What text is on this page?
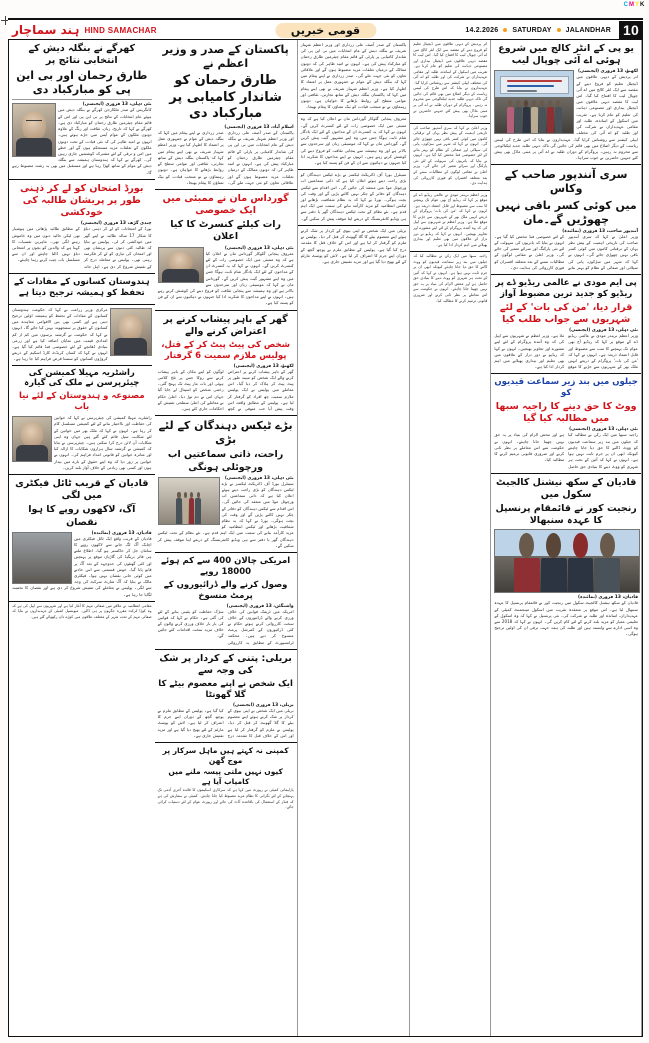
C M Y K
ہند سماچار HIND SAMACHAR	قومی خبریں	14.2.2026 SATURDAY JALANDHAR 10
کھرگے نے بنگلہ دیش کے انتخابی نتائج پر
طارق رحمان اور بی این پی کو مبارکباد دی
نئی دہلی، 13 فروری (ایجنسی)
کانگریس کے صدر ملکارجن کھرگے نے بنگلہ دیش میں ہوئے عام انتخابات کے نتائج پر بی این پی اور اس کے قائم مقام چیئرمین طارق رحمان کو مبارکباد دی ہے۔ کھرگے نے کہا کہ تاریخ، زبان، ثقافت اور رنگ کے علاوہ دونوں ملکوں کے عوام آپس میں جڑے ہوئے ہیں۔ انہوں نے امید ظاہر کی کہ نئی قیادت کے تحت دونوں ملکوں کے تعلقات مزید مستحکم ہوں گے اور خطے میں امن و ترقی کے لئے مشترکہ کوششیں جاری رہیں گی۔ کھرگے نے کہا کہ ہندوستان ہمیشہ سے بنگلہ دیش کے عوام کے ساتھ کھڑا رہا ہے اور مستقبل میں بھی یہ رشتہ مضبوط رہے گا۔
بورڈ امتحان کو لے کر ذہنی طور پر پریشان طالبہ کی خودکشی
چندی گڑھ، 13 فروری (ایجنسی)
بورڈ کے امتحانات کو لے کر ذہنی دباؤ کا شکار 17 سالہ طالبہ نے اپنے گھر میں خودکشی کر لی۔ پولیس نے بتایا کہ طالبہ کئی دنوں سے پریشان تھی اور امتحان کی تیاری کو لے کر فکرمند رہتی تھی۔ پولیس نے معاملہ درج کر کے تفتیش شروع کر دی ہے۔ اہل خانہ کے مطابق طالبہ پڑھائی میں ہوشیار تھی لیکن حالیہ دنوں میں وہ خاموش رہنے لگی تھی۔ ماہرین نفسیات کا کہنا ہے کہ والدین کو بچوں پر امتحانی دباؤ نہیں ڈالنا چاہئے اور ان سے مسلسل بات چیت کرتے رہنا چاہئے۔
ہندوستان کسانوں کے مفادات کے تحفظ کو ہمیشہ ترجیح دیتا ہے
مرکزی وزیر زراعت نے کہا کہ حکومت ہندوستان کسانوں کے مفادات کے تحفظ کو ہمیشہ اولین ترجیح دیتی ہے اور کسی بھی بین الاقوامی معاہدے میں کسانوں کے حقوق پر سمجھوتہ نہیں کیا جائے گا۔ انہوں نے کہا کہ حکومت نے گزشتہ برسوں میں کم از کم امدادی قیمت میں نمایاں اضافہ کیا ہے اور زرعی بنیادی ڈھانچے کے لئے خصوصی فنڈ قائم کیا گیا ہے۔ انہوں نے کہا کہ کسان کریڈٹ کارڈ اسکیم کے ذریعے کروڑوں کسانوں کو سستا قرض فراہم کیا جا رہا ہے۔
راشٹریہ مہیلا کمیشن کی چیئرپرسن نے ملک کی گیارہ
مصنوعہ و ہندوستان کے لئے نیا باب
راشٹریہ مہیلا کمیشن کی چیئرپرسن نے کہا کہ خواتین کی حفاظت اور بااختیار بنانے کے لئے کمیشن مسلسل کام کر رہا ہے۔ انہوں نے کہا کہ ملک بھر میں خواتین کے لئے شکایت سیل قائم کئے گئے ہیں جہاں وہ اپنی شکایات آن لائن درج کرا سکتی ہیں۔ چیئرپرسن نے بتایا کہ کمیشن نے گزشتہ سال ہزاروں شکایات کا ازالہ کیا اور متاثرہ خواتین کو قانونی امداد فراہم کی۔ انہوں نے خواتین پر زور دیا کہ وہ اپنے حقوق کے بارے میں بیدار ہوں اور کسی بھی زیادتی کے خلاف آواز بلند کریں۔
قادیان کے قریب ٹائل فیکٹری میں لگی
آگ، لاکھوں روپے کا ہوا نقصان
قادیان، 13 فروری (نمائندہ)
قادیان کے قریب واقع ایک ٹائل فیکٹری میں اچانک آگ لگ جانے سے لاکھوں روپے کا سامان جل کر خاکستر ہو گیا۔ اطلاع ملتے ہی فائر بریگیڈ کی گاڑیاں موقع پر پہنچیں اور کئی گھنٹوں کی جدوجہد کے بعد آگ پر قابو پایا گیا۔ خوش قسمتی سے اس حادثے میں کوئی جانی نقصان نہیں ہوا۔ فیکٹری مالک نے بتایا کہ آگ شارٹ سرکٹ کی وجہ سے لگی۔ پولیس نے معاملے کی تفتیش شروع کر دی ہے اور نقصان کا تخمینہ لگایا جا رہا ہے۔
مقامی انتظامیہ نے علاقے میں صفائی مہم کا آغاز کیا ہے اور شہریوں سے اپیل کی ہے کہ وہ کوڑا کرکٹ مقررہ جگہوں پر ہی ڈالیں۔ میونسپل کمیٹی کے عہدیداروں نے بتایا کہ صفائی مہم کے تحت شہر کے مختلف علاقوں میں کوڑے دان رکھوائے گئے ہیں۔
پاکستان کے صدر و وزیر اعظم نے
طارق رحمان کو شاندار کامیابی پر مبارکباد دی
اسلام آباد، 13 فروری (ایجنسی)
پاکستان کے صدر آصف علی زرداری اور وزیر اعظم شہباز شریف نے بنگلہ دیش کے عام انتخابات میں بی این پی کی شاندار کامیابی پر پارٹی کے قائم مقام چیئرمین طارق رحمان کو مبارکباد پیش کی ہے۔ انہوں نے امید ظاہر کی کہ دونوں ممالک کے درمیان تعلقات مزید مضبوط ہوں گے اور علاقائی تعاون کو نئی جہت ملے گی۔ صدر زرداری نے اپنے پیغام میں کہا کہ بنگلہ دیش کے عوام نے جمہوری عمل پر اعتماد کا اظہار کیا ہے۔ وزیر اعظم شہباز شریف نے بھی اپنے پیغام میں کہا کہ پاکستان بنگلہ دیش کے ساتھ تجارتی، ثقافتی اور عوامی سطح کے روابط بڑھانے کا خواہاں ہے۔ دونوں رہنماؤں نے نو منتخب قیادت کو نیک تمناؤں کا پیغام بھیجا۔
گورداس مان نے ممبئی میں ایک خصوصی
رات کیلئے کنسرٹ کا کیا اعلان
نئی دہلی، 13 فروری (ایجنسی)
معروف پنجابی گلوکار گورداس مان نے اعلان کیا ہے کہ وہ ممبئی میں ایک خصوصی رات کے لئے کنسرٹ کریں گے۔ انہوں نے کہا کہ یہ کنسرٹ ان کے مداحوں کے لئے ایک یادگار شام ثابت ہوگا جس میں وہ اپنے مشہور گیت پیش کریں گے۔ گورداس مان نے کہا کہ موسیقی زبان اور سرحدوں سے بالاتر ہے اور وہ ہمیشہ سے پنجابی ثقافت کو فروغ دینے کی کوشش کرتے رہے ہیں۔ انہوں نے اپنے مداحوں کا شکریہ ادا کیا جنہوں نے دہائیوں سے ان کے فن کو پسند کیا ہے۔
گھر کے باہر پیشاب کرنے پر اعتراض کرنے والے
شخص کی پیٹ پیٹ کر کے قتل، پولیس ملازم سمیت 6 گرفتار
لکھنؤ، 13 فروری (ایجنسی)
گھر کے باہر پیشاب کرنے پر اعتراض کرنے والے ایک شخص کو مبینہ طور پر پیٹ پیٹ کر ہلاک کر دیا گیا۔ اس معاملے میں پولیس نے ایک پولیس ملازم سمیت چھ افراد کو گرفتار کر لیا ہے۔ پولیس کے مطابق واقعہ اس وقت پیش آیا جب متوفی نے کچھ لوگوں کو اپنے مکان کے باہر پیشاب کرنے سے روکا جس پر تلخ کلامی ہوئی اور بات مار پیٹ تک پہنچ گئی۔ زخمی شخص کو اسپتال لے جایا گیا جہاں اس نے دم توڑ دیا۔ اعلیٰ حکام نے معاملے کی اعلیٰ سطحی تفتیش کے احکامات جاری کئے ہیں۔
بڑے ٹیکس دہندگان کے لئے بڑی
راحت، ذاتی سماعتیں اب ورچوئلی ہونگی
نئی دہلی، 13 فروری (ایجنسی)
سینٹرل بورڈ آف ڈائریکٹ ٹیکسز نے بڑے ٹیکس دہندگان کو بڑی راحت دیتے ہوئے اعلان کیا ہے کہ ذاتی سماعتیں اب ورچوئل موڈ میں منعقد کی جائیں گی۔ اس اقدام سے ٹیکس دہندگان کو دفاتر کے چکر نہیں کاٹنے پڑیں گے اور وقت کی بچت ہوگی۔ بورڈ نے کہا کہ یہ نظام شفافیت بڑھانے اور ٹیکس انتظامیہ کو مزید کارآمد بنانے کی سمت میں ایک اہم قدم ہے۔ نئے نظام کے تحت ٹیکس دہندگان گھر یا دفتر سے ہی ویڈیو کانفرنسنگ کے ذریعے اپنا موقف پیش کر سکیں گے۔
امریکی چالان 400 سے کم ہوئے 18000 روپے
وصول کرنے والے ڈرائیوروں کے پرمٹ منسوخ
واشنگٹن، 13 فروری (ایجنسی)
امریکہ میں ٹریفک قوانین کی خلاف ورزی کرنے والے ڈرائیوروں کے خلاف سخت کارروائی کرتے ہوئے حکام نے کئی ڈرائیوروں کے کمرشل پرمٹ منسوخ کر دیے ہیں۔ محکمہ ٹرانسپورٹ کے مطابق یہ کارروائی سڑک حفاظت کو یقینی بنانے کے لئے کی گئی ہے۔ حکام نے کہا کہ قوانین کی بار بار خلاف ورزی کرنے والوں کے خلاف مزید سخت اقدامات کئے جائیں گے۔
بریلی: پتنی کے کردار پر شک کی وجہ سے
ایک شخص نے اپنے معصوم بیٹے کا گلا گھونٹا
بریلی، 13 فروری (ایجنسی)
بریلی میں ایک شخص نے اپنی بیوی کے کردار پر شک کرتے ہوئے اپنے معصوم بیٹے کا گلا گھونٹ کر قتل کر دیا۔ پولیس نے ملزم کو گرفتار کر لیا ہے اور اس کے خلاف قتل کا مقدمہ درج کیا گیا ہے۔ پولیس کے مطابق ملزم نے پوچھ گچھ کے دوران اپنے جرم کا اعتراف کر لیا ہے۔ لاش کو پوسٹ مارٹم کے لئے بھیج دیا گیا ہے اور مزید تفتیش جاری ہے۔
کمپنی نہ کہتے ہیں ماہل سرکار پر موج گھن
کیوں نہیں ملتی پیسہ ملنے میں کامیاب آیا ہے
پارلیمانی کمیٹی نے رپورٹ میں کہا ہے کہ سرکاری اسکیموں کا فائدہ آخری آدمی تک پہنچانے کے لئے نگرانی کا نظام مزید مضبوط کیا جانا چاہئے۔ کمیٹی نے سفارش کی ہے کہ فنڈز کے استعمال کی باقاعدہ آڈٹ کی جائے اور رپورٹ عوام کے لئے دستیاب کرائی جائے۔
پاکستان کے صدر آصف علی زرداری اور وزیر اعظم شہباز شریف نے بنگلہ دیش کے عام انتخابات میں بی این پی کی شاندار کامیابی پر پارٹی کے قائم مقام چیئرمین طارق رحمان کو مبارکباد پیش کی ہے۔ انہوں نے امید ظاہر کی کہ دونوں ممالک کے درمیان تعلقات مزید مضبوط ہوں گے اور علاقائی تعاون کو نئی جہت ملے گی۔ صدر زرداری نے اپنے پیغام میں کہا کہ بنگلہ دیش کے عوام نے جمہوری عمل پر اعتماد کا اظہار کیا ہے۔ وزیر اعظم شہباز شریف نے بھی اپنے پیغام میں کہا کہ پاکستان بنگلہ دیش کے ساتھ تجارتی، ثقافتی اور عوامی سطح کے روابط بڑھانے کا خواہاں ہے۔ دونوں رہنماؤں نے نو منتخب قیادت کو نیک تمناؤں کا پیغام بھیجا۔
معروف پنجابی گلوکار گورداس مان نے اعلان کیا ہے کہ وہ ممبئی میں ایک خصوصی رات کے لئے کنسرٹ کریں گے۔ انہوں نے کہا کہ یہ کنسرٹ ان کے مداحوں کے لئے ایک یادگار شام ثابت ہوگا جس میں وہ اپنے مشہور گیت پیش کریں گے۔ گورداس مان نے کہا کہ موسیقی زبان اور سرحدوں سے بالاتر ہے اور وہ ہمیشہ سے پنجابی ثقافت کو فروغ دینے کی کوشش کرتے رہے ہیں۔ انہوں نے اپنے مداحوں کا شکریہ ادا کیا جنہوں نے دہائیوں سے ان کے فن کو پسند کیا ہے۔
سینٹرل بورڈ آف ڈائریکٹ ٹیکسز نے بڑے ٹیکس دہندگان کو بڑی راحت دیتے ہوئے اعلان کیا ہے کہ ذاتی سماعتیں اب ورچوئل موڈ میں منعقد کی جائیں گی۔ اس اقدام سے ٹیکس دہندگان کو دفاتر کے چکر نہیں کاٹنے پڑیں گے اور وقت کی بچت ہوگی۔ بورڈ نے کہا کہ یہ نظام شفافیت بڑھانے اور ٹیکس انتظامیہ کو مزید کارآمد بنانے کی سمت میں ایک اہم قدم ہے۔ نئے نظام کے تحت ٹیکس دہندگان گھر یا دفتر سے ہی ویڈیو کانفرنسنگ کے ذریعے اپنا موقف پیش کر سکیں گے۔
بریلی میں ایک شخص نے اپنی بیوی کے کردار پر شک کرتے ہوئے اپنے معصوم بیٹے کا گلا گھونٹ کر قتل کر دیا۔ پولیس نے ملزم کو گرفتار کر لیا ہے اور اس کے خلاف قتل کا مقدمہ درج کیا گیا ہے۔ پولیس کے مطابق ملزم نے پوچھ گچھ کے دوران اپنے جرم کا اعتراف کر لیا ہے۔ لاش کو پوسٹ مارٹم کے لئے بھیج دیا گیا ہے اور مزید تفتیش جاری ہے۔
اتر پردیش کے دیہی علاقوں میں ڈیجیٹل تعلیم کو فروغ دینے کے مقصد سے ایک انٹر کالج میں اے آئی چوپال لیب کا افتتاح کیا گیا۔ اس لیب کا مقصد دیہی علاقوں میں ڈیجیٹل بیداری اور مصنوعی ذہانت کی تعلیم کو عام کرنا ہے۔ تقریب میں اسکول کے اساتذہ، طلبہ اور مقامی عہدیداران نے شرکت کی اور طلبہ کو اے آئی کی مختلف ایپلی کیشنز سے روشناس کرایا گیا۔ عہدیداروں نے بتایا کہ اس طرح کی لیبس ریاست کے دیگر اضلاع میں بھی قائم کی جائیں گی تاکہ دیہی طلبہ جدید ٹیکنالوجی سے محروم نہ رہیں۔ پروگرام کے دوران طلبہ نے اے آئی پر مبنی ماڈل بھی پیش کئے جنہیں حاضرین نے خوب سراہا۔
وزیر اعلیٰ نے کہا کہ سری آنندپور صاحب کی تاریخی اہمیت کے پیش نظر یہاں کے ترقیاتی کاموں میں کوئی کسر باقی نہیں چھوڑی جائے گی۔ انہوں نے کہا کہ شہر میں سڑکوں، پانی کی سپلائی اور صفائی کے نظام کو بہتر بنانے کے لئے خصوصی فنڈ مختص کیا گیا ہے۔ انہوں نے بتایا کہ یاتریوں کی سہولت کے لئے نئی پارکنگ اور سرائے تعمیر کی جائے گی۔ وزیر اعلیٰ نے مقامی لوگوں کے مطالبات سننے کے بعد متعلقہ افسران کو فوری کارروائی کی ہدایت دی۔
وزیر اعظم نریندر مودی نے عالمی ریڈیو ڈے کے موقع پر کہا کہ ریڈیو آج بھی عوام تک پہنچنے کا سب سے مضبوط اور قابل اعتماد ذریعہ ہے۔ انہوں نے کہا کہ 'من کی بات' پروگرام کے ذریعے انہیں ملک بھر کے شہریوں سے جڑنے کا موقع ملا ہے۔ وزیر اعظم نے شہریوں سے اپیل کی کہ وہ آئندہ پروگرام کے لئے اپنے مشورے اور تجاویز بھیجیں۔ انہوں نے کہا کہ ریڈیو نے دور دراز کے علاقوں میں بھی تعلیم اور بیداری پھیلانے میں اہم کردار ادا کیا ہے۔
راجیہ سبھا میں ایک رکن نے مطالبہ کیا کہ جیلوں میں بند زیر سماعت قیدیوں کو ووٹ ڈالنے کا حق دیا جانا چاہئے کیونکہ ابھی ان پر جرم ثابت نہیں ہوا ہے۔ انہوں نے کہا کہ آئین کے تحت ہر شہری کو ووٹ دینے کا بنیادی حق حاصل ہے اور محض الزام کی بنیاد پر یہ حق نہیں چھینا جانا چاہئے۔ انہوں نے حکومت سے اس معاملے پر نظر ثانی کرنے اور ضروری قانونی ترمیم کرنے کا مطالبہ کیا۔
یو پی کے انٹر کالج میں شروع ہوئی اے آئی چوپال لیب
لکھنؤ، 13 فروری (ایجنسی)
اتر پردیش کے دیہی علاقوں میں ڈیجیٹل تعلیم کو فروغ دینے کے مقصد سے ایک انٹر کالج میں اے آئی چوپال لیب کا افتتاح کیا گیا۔ اس لیب کا مقصد دیہی علاقوں میں ڈیجیٹل بیداری اور مصنوعی ذہانت کی تعلیم کو عام کرنا ہے۔ تقریب میں اسکول کے اساتذہ، طلبہ اور مقامی عہدیداران نے شرکت کی اور طلبہ کو اے آئی کی مختلف ایپلی کیشنز سے روشناس کرایا گیا۔ عہدیداروں نے بتایا کہ اس طرح کی لیبس ریاست کے دیگر اضلاع میں بھی قائم کی جائیں گی تاکہ دیہی طلبہ جدید ٹیکنالوجی سے محروم نہ رہیں۔ پروگرام کے دوران طلبہ نے اے آئی پر مبنی ماڈل بھی پیش کئے جنہیں حاضرین نے خوب سراہا۔
سری آنندپور صاحب کے وکاس
میں کوئی کسر باقی نہیں چھوڑیں گے۔مان
آنندپور صاحب، 13 فروری (نمائندہ)
وزیر اعلیٰ نے کہا کہ سری آنندپور صاحب کی تاریخی اہمیت کے پیش نظر یہاں کے ترقیاتی کاموں میں کوئی کسر باقی نہیں چھوڑی جائے گی۔ انہوں نے کہا کہ شہر میں سڑکوں، پانی کی سپلائی اور صفائی کے نظام کو بہتر بنانے کے لئے خصوصی فنڈ مختص کیا گیا ہے۔ انہوں نے بتایا کہ یاتریوں کی سہولت کے لئے نئی پارکنگ اور سرائے تعمیر کی جائے گی۔ وزیر اعلیٰ نے مقامی لوگوں کے مطالبات سننے کے بعد متعلقہ افسران کو فوری کارروائی کی ہدایت دی۔
پی ایم مودی نے عالمی ریڈیو ڈے پر ریڈیو کو جدید ترین مضبوط آواز
قرار دیا، 'من کی بات' کے لئے شہریوں سے جواب طلب کیا
نئی دہلی، 13 فروری (ایجنسی)
وزیر اعظم نریندر مودی نے عالمی ریڈیو ڈے کے موقع پر کہا کہ ریڈیو آج بھی عوام تک پہنچنے کا سب سے مضبوط اور قابل اعتماد ذریعہ ہے۔ انہوں نے کہا کہ 'من کی بات' پروگرام کے ذریعے انہیں ملک بھر کے شہریوں سے جڑنے کا موقع ملا ہے۔ وزیر اعظم نے شہریوں سے اپیل کی کہ وہ آئندہ پروگرام کے لئے اپنے مشورے اور تجاویز بھیجیں۔ انہوں نے کہا کہ ریڈیو نے دور دراز کے علاقوں میں بھی تعلیم اور بیداری پھیلانے میں اہم کردار ادا کیا ہے۔
جیلوں میں بند زیر سماعت قیدیوں کو
ووٹ کا حق دینے کا راجیہ سبھا میں مطالبہ کیا گیا
نئی دہلی، 13 فروری (ایجنسی)
راجیہ سبھا میں ایک رکن نے مطالبہ کیا کہ جیلوں میں بند زیر سماعت قیدیوں کو ووٹ ڈالنے کا حق دیا جانا چاہئے کیونکہ ابھی ان پر جرم ثابت نہیں ہوا ہے۔ انہوں نے کہا کہ آئین کے تحت ہر شہری کو ووٹ دینے کا بنیادی حق حاصل ہے اور محض الزام کی بنیاد پر یہ حق نہیں چھینا جانا چاہئے۔ انہوں نے حکومت سے اس معاملے پر نظر ثانی کرنے اور ضروری قانونی ترمیم کرنے کا مطالبہ کیا۔
قادیان کے سکھ نیشنل کالجیٹ سکول میں
رنجیت کور نے قائمقام پرنسپل کا عہدہ سنبھالا
قادیان، 13 فروری (نمائندہ)
قادیان کے سکھ نیشنل کالجیٹ سکول میں رنجیت کور نے قائمقام پرنسپل کا عہدہ سنبھال لیا ہے۔ اس موقع پر منعقدہ تقریب میں اسکول مینجمنٹ کمیٹی کے عہدیداران، اساتذہ اور طلبہ نے شرکت کی۔ نئی پرنسپل نے کہا کہ وہ اسکول کے تعلیمی معیار کو مزید بلند کرنے کے لئے کام کریں گی۔ انہوں نے کہا کہ 2018 سے وہ اسی ادارے سے وابستہ ہیں اور طلبہ کی ہمہ جہت ترقی ان کی اولین ترجیح ہوگی۔
